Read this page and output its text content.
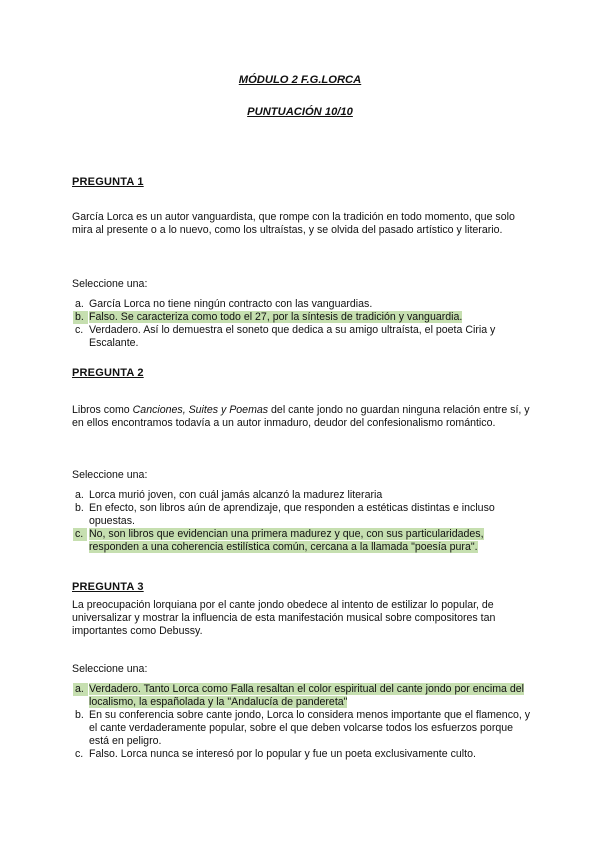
MÓDULO 2 F.G.LORCA
PUNTUACIÓN 10/10
PREGUNTA 1
García Lorca es un autor vanguardista, que rompe con la tradición en todo momento, que solo mira al presente o a lo nuevo, como los ultraístas, y se olvida del pasado artístico y literario.
Seleccione una:
a. García Lorca no tiene ningún contracto con las vanguardias.
b. Falso. Se caracteriza como todo el 27, por la síntesis de tradición y vanguardia.
c. Verdadero. Así lo demuestra el soneto que dedica a su amigo ultraísta, el poeta Ciria y Escalante.
PREGUNTA 2
Libros como Canciones, Suites y Poemas del cante jondo no guardan ninguna relación entre sí, y en ellos encontramos todavía a un autor inmaduro, deudor del confesionalismo romántico.
Seleccione una:
a. Lorca murió joven, con cuál jamás alcanzó la madurez literaria
b. En efecto, son libros aún de aprendizaje, que responden a estéticas distintas e incluso opuestas.
c. No, son libros que evidencian una primera madurez y que, con sus particularidades, responden a una coherencia estilística común, cercana a la llamada "poesía pura".
PREGUNTA 3
La preocupación lorquiana por el cante jondo obedece al intento de estilizar lo popular, de universalizar y mostrar la influencia de esta manifestación musical sobre compositores tan importantes como Debussy.
Seleccione una:
a. Verdadero. Tanto Lorca como Falla resaltan el color espiritual del cante jondo por encima del localismo, la españolada y la "Andalucía de pandereta"
b. En su conferencia sobre cante jondo, Lorca lo considera menos importante que el flamenco, y el cante verdaderamente popular, sobre el que deben volcarse todos los esfuerzos porque está en peligro.
c. Falso. Lorca nunca se interesó por lo popular y fue un poeta exclusivamente culto.
